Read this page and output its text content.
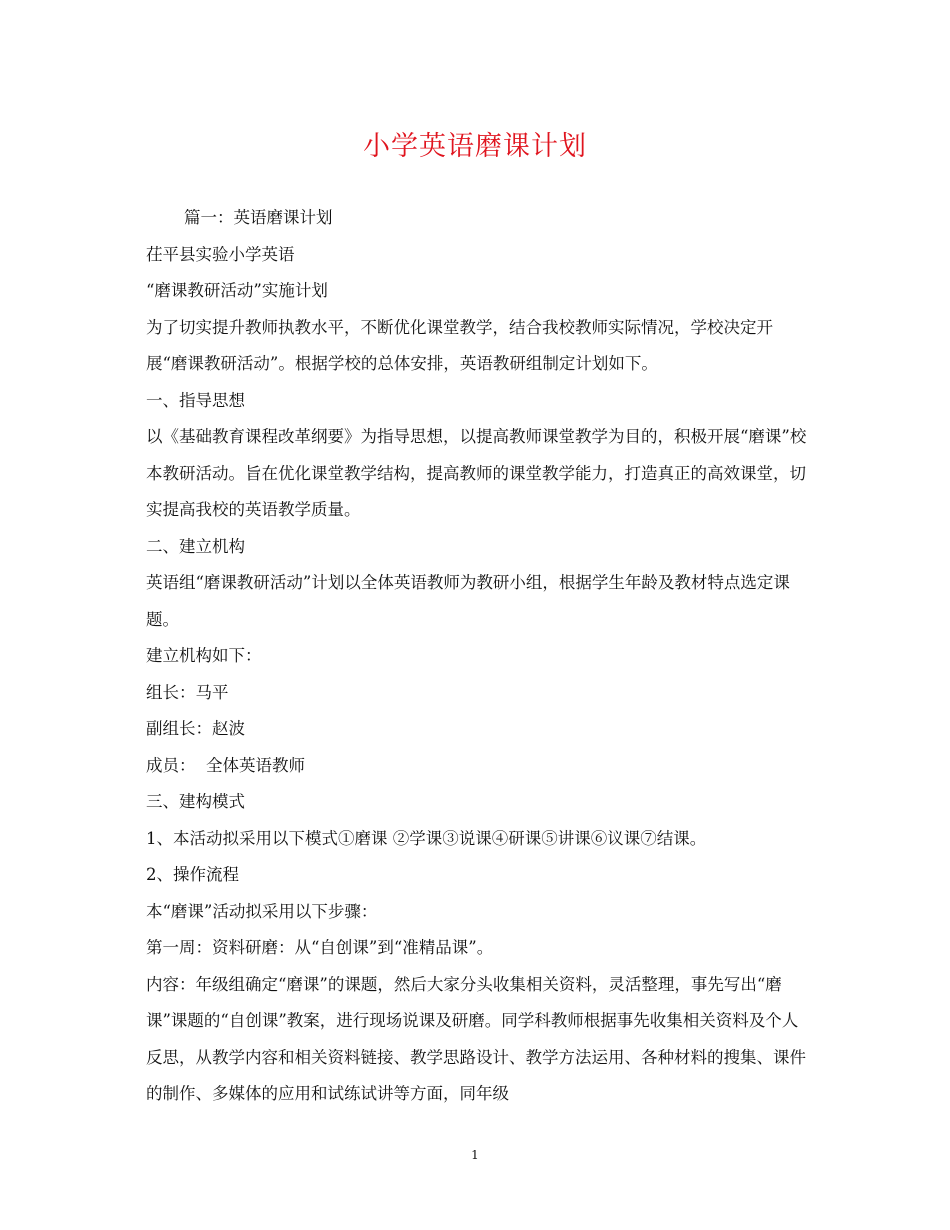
小学英语磨课计划

篇一：英语磨课计划

茌平县实验小学英语

“磨课教研活动”实施计划

为了切实提升教师执教水平，不断优化课堂教学，结合我校教师实际情况，学校决定开展“磨课教研活动”。根据学校的总体安排，英语教研组制定计划如下。

一、指导思想

以《基础教育课程改革纲要》为指导思想，以提高教师课堂教学为目的，积极开展“磨课”校本教研活动。旨在优化课堂教学结构，提高教师的课堂教学能力，打造真正的高效课堂，切实提高我校的英语教学质量。

二、建立机构

英语组“磨课教研活动”计划以全体英语教师为教研小组，根据学生年龄及教材特点选定课题。

建立机构如下：

组长：马平

副组长：赵波

成员：  全体英语教师

三、建构模式

1、本活动拟采用以下模式①磨课 ②学课③说课④研课⑤讲课⑥议课⑦结课。

2、操作流程

本“磨课”活动拟采用以下步骤：

第一周：资料研磨：从“自创课”到“准精品课”。

内容：年级组确定“磨课”的课题，然后大家分头收集相关资料，灵活整理，事先写出“磨课”课题的“自创课”教案，进行现场说课及研磨。同学科教师根据事先收集相关资料及个人反思，从教学内容和相关资料链接、教学思路设计、教学方法运用、各种材料的搜集、课件的制作、多媒体的应用和试练试讲等方面，同年级

1
